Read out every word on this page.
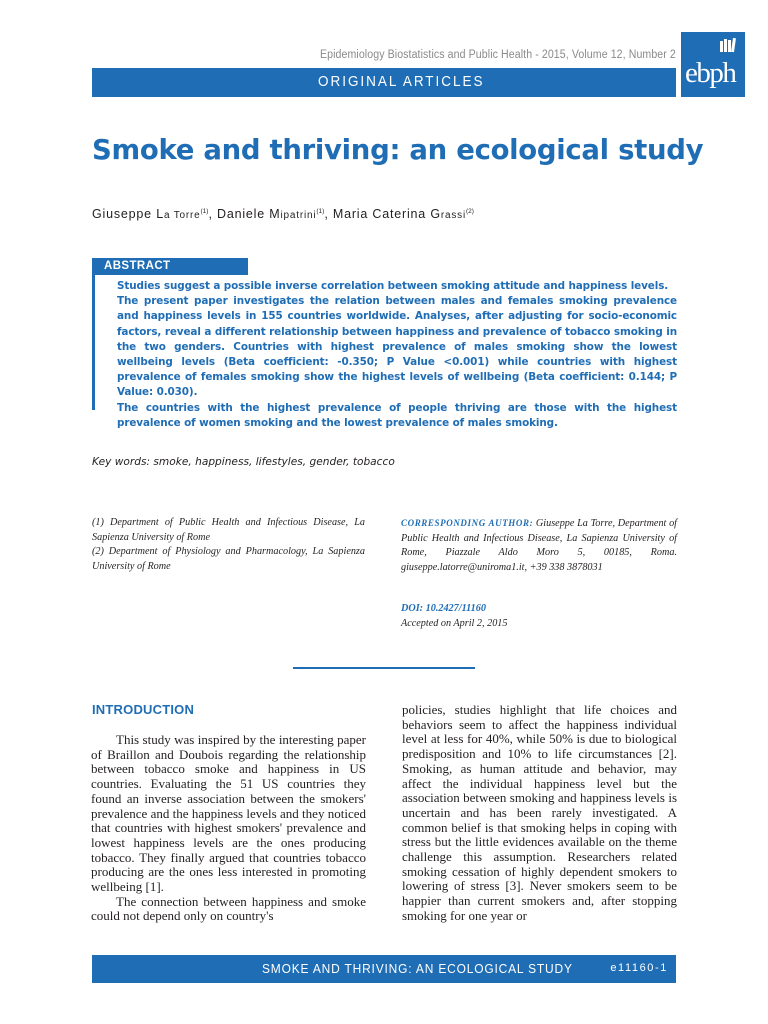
Epidemiology Biostatistics and Public Health - 2015, Volume 12, Number 2
ORIGINAL ARTICLES	ebph
Smoke and thriving: an ecological study
Giuseppe La Torre$^{(1)}$, Daniele Mipatrini$^{(1)}$, Maria Caterina Grassi$^{(2)}$
ABSTRACT

Studies suggest a possible inverse correlation between smoking attitude and happiness levels.

The present paper investigates the relation between males and females smoking prevalence and happiness levels in 155 countries worldwide. Analyses, after adjusting for socio-economic factors, reveal a different relationship between happiness and prevalence of tobacco smoking in the two genders. Countries with highest prevalence of males smoking show the lowest wellbeing levels (Beta coefficient: -0.350; P Value <0.001) while countries with highest prevalence of females smoking show the highest levels of wellbeing (Beta coefficient: 0.144; P Value: 0.030).

The countries with the highest prevalence of people thriving are those with the highest prevalence of women smoking and the lowest prevalence of males smoking.

Key words: smoke, happiness, lifestyles, gender, tobacco

(1) Department of Public Health and Infectious Disease, La Sapienza University of Rome

(2) Department of Physiology and Pharmacology, La Sapienza University of Rome

CORRESPONDING AUTHOR: Giuseppe La Torre, Department of Public Health and Infectious Disease, La Sapienza University of Rome, Piazzale Aldo Moro 5, 00185, Roma. giuseppe.latorre@uniroma1.it, +39 338 3878031
DOI: 10.2427/11160
Accepted on April 2, 2015
INTRODUCTION

This study was inspired by the interesting paper of Braillon and Doubois regarding the relationship between tobacco smoke and happiness in US countries. Evaluating the 51 US countries they found an inverse association between the smokers' prevalence and the happiness levels and they noticed that countries with highest smokers' prevalence and lowest happiness levels are the ones producing tobacco. They finally argued that countries tobacco producing are the ones less interested in promoting wellbeing [1].

The connection between happiness and smoke could not depend only on country's

policies, studies highlight that life choices and behaviors seem to affect the happiness individual level at less for 40%, while 50% is due to biological predisposition and 10% to life circumstances [2]. Smoking, as human attitude and behavior, may affect the individual happiness level but the association between smoking and happiness levels is uncertain and has been rarely investigated. A common belief is that smoking helps in coping with stress but the little evidences available on the theme challenge this assumption. Researchers related smoking cessation of highly dependent smokers to lowering of stress [3]. Never smokers seem to be happier than current smokers and, after stopping smoking for one year or

SMOKE AND THRIVING: AN ECOLOGICAL STUDY	e11160-1
